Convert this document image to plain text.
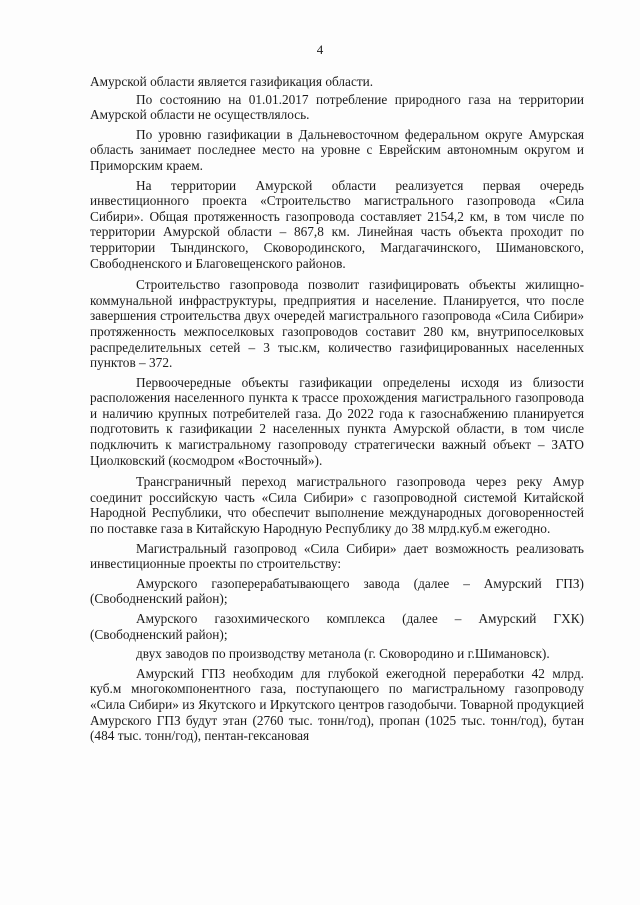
4

Амурской области является газификация области.

По состоянию на 01.01.2017 потребление природного газа на территории Амурской области не осуществлялось.

По уровню газификации в Дальневосточном федеральном округе Амурская область занимает последнее место на уровне с Еврейским автономным округом и Приморским краем.

На территории Амурской области реализуется первая очередь инвестиционного проекта «Строительство магистрального газопровода «Сила Сибири». Общая протяженность газопровода составляет 2154,2 км, в том числе по территории Амурской области – 867,8 км. Линейная часть объекта проходит по территории Тындинского, Сковородинского, Магдагачинского, Шимановского, Свободненского и Благовещенского районов.

Строительство газопровода позволит газифицировать объекты жилищно-коммунальной инфраструктуры, предприятия и население. Планируется, что после завершения строительства двух очередей магистрального газопровода «Сила Сибири» протяженность межпоселковых газопроводов составит 280 км, внутрипоселковых распределительных сетей – 3 тыс.км, количество газифицированных населенных пунктов – 372.

Первоочередные объекты газификации определены исходя из близости расположения населенного пункта к трассе прохождения магистрального газопровода и наличию крупных потребителей газа. До 2022 года к газоснабжению планируется подготовить к газификации 2 населенных пункта Амурской области, в том числе подключить к магистральному газопроводу стратегически важный объект – ЗАТО Циолковский (космодром «Восточный»).

Трансграничный переход магистрального газопровода через реку Амур соединит российскую часть «Сила Сибири» с газопроводной системой Китайской Народной Республики, что обеспечит выполнение международных договоренностей по поставке газа в Китайскую Народную Республику до 38 млрд.куб.м ежегодно.

Магистральный газопровод «Сила Сибири» дает возможность реализовать инвестиционные проекты по строительству:

Амурского газоперерабатывающего завода (далее – Амурский ГПЗ) (Свободненский район);

Амурского газохимического комплекса (далее – Амурский ГХК) (Свободненский район);

двух заводов по производству метанола (г. Сковородино и г.Шимановск).

Амурский ГПЗ необходим для глубокой ежегодной переработки 42 млрд. куб.м многокомпонентного газа, поступающего по магистральному газопроводу «Сила Сибири» из Якутского и Иркутского центров газодобычи. Товарной продукцией Амурского ГПЗ будут этан (2760 тыс. тонн/год), пропан (1025 тыс. тонн/год), бутан (484 тыс. тонн/год), пентан-гексановая
